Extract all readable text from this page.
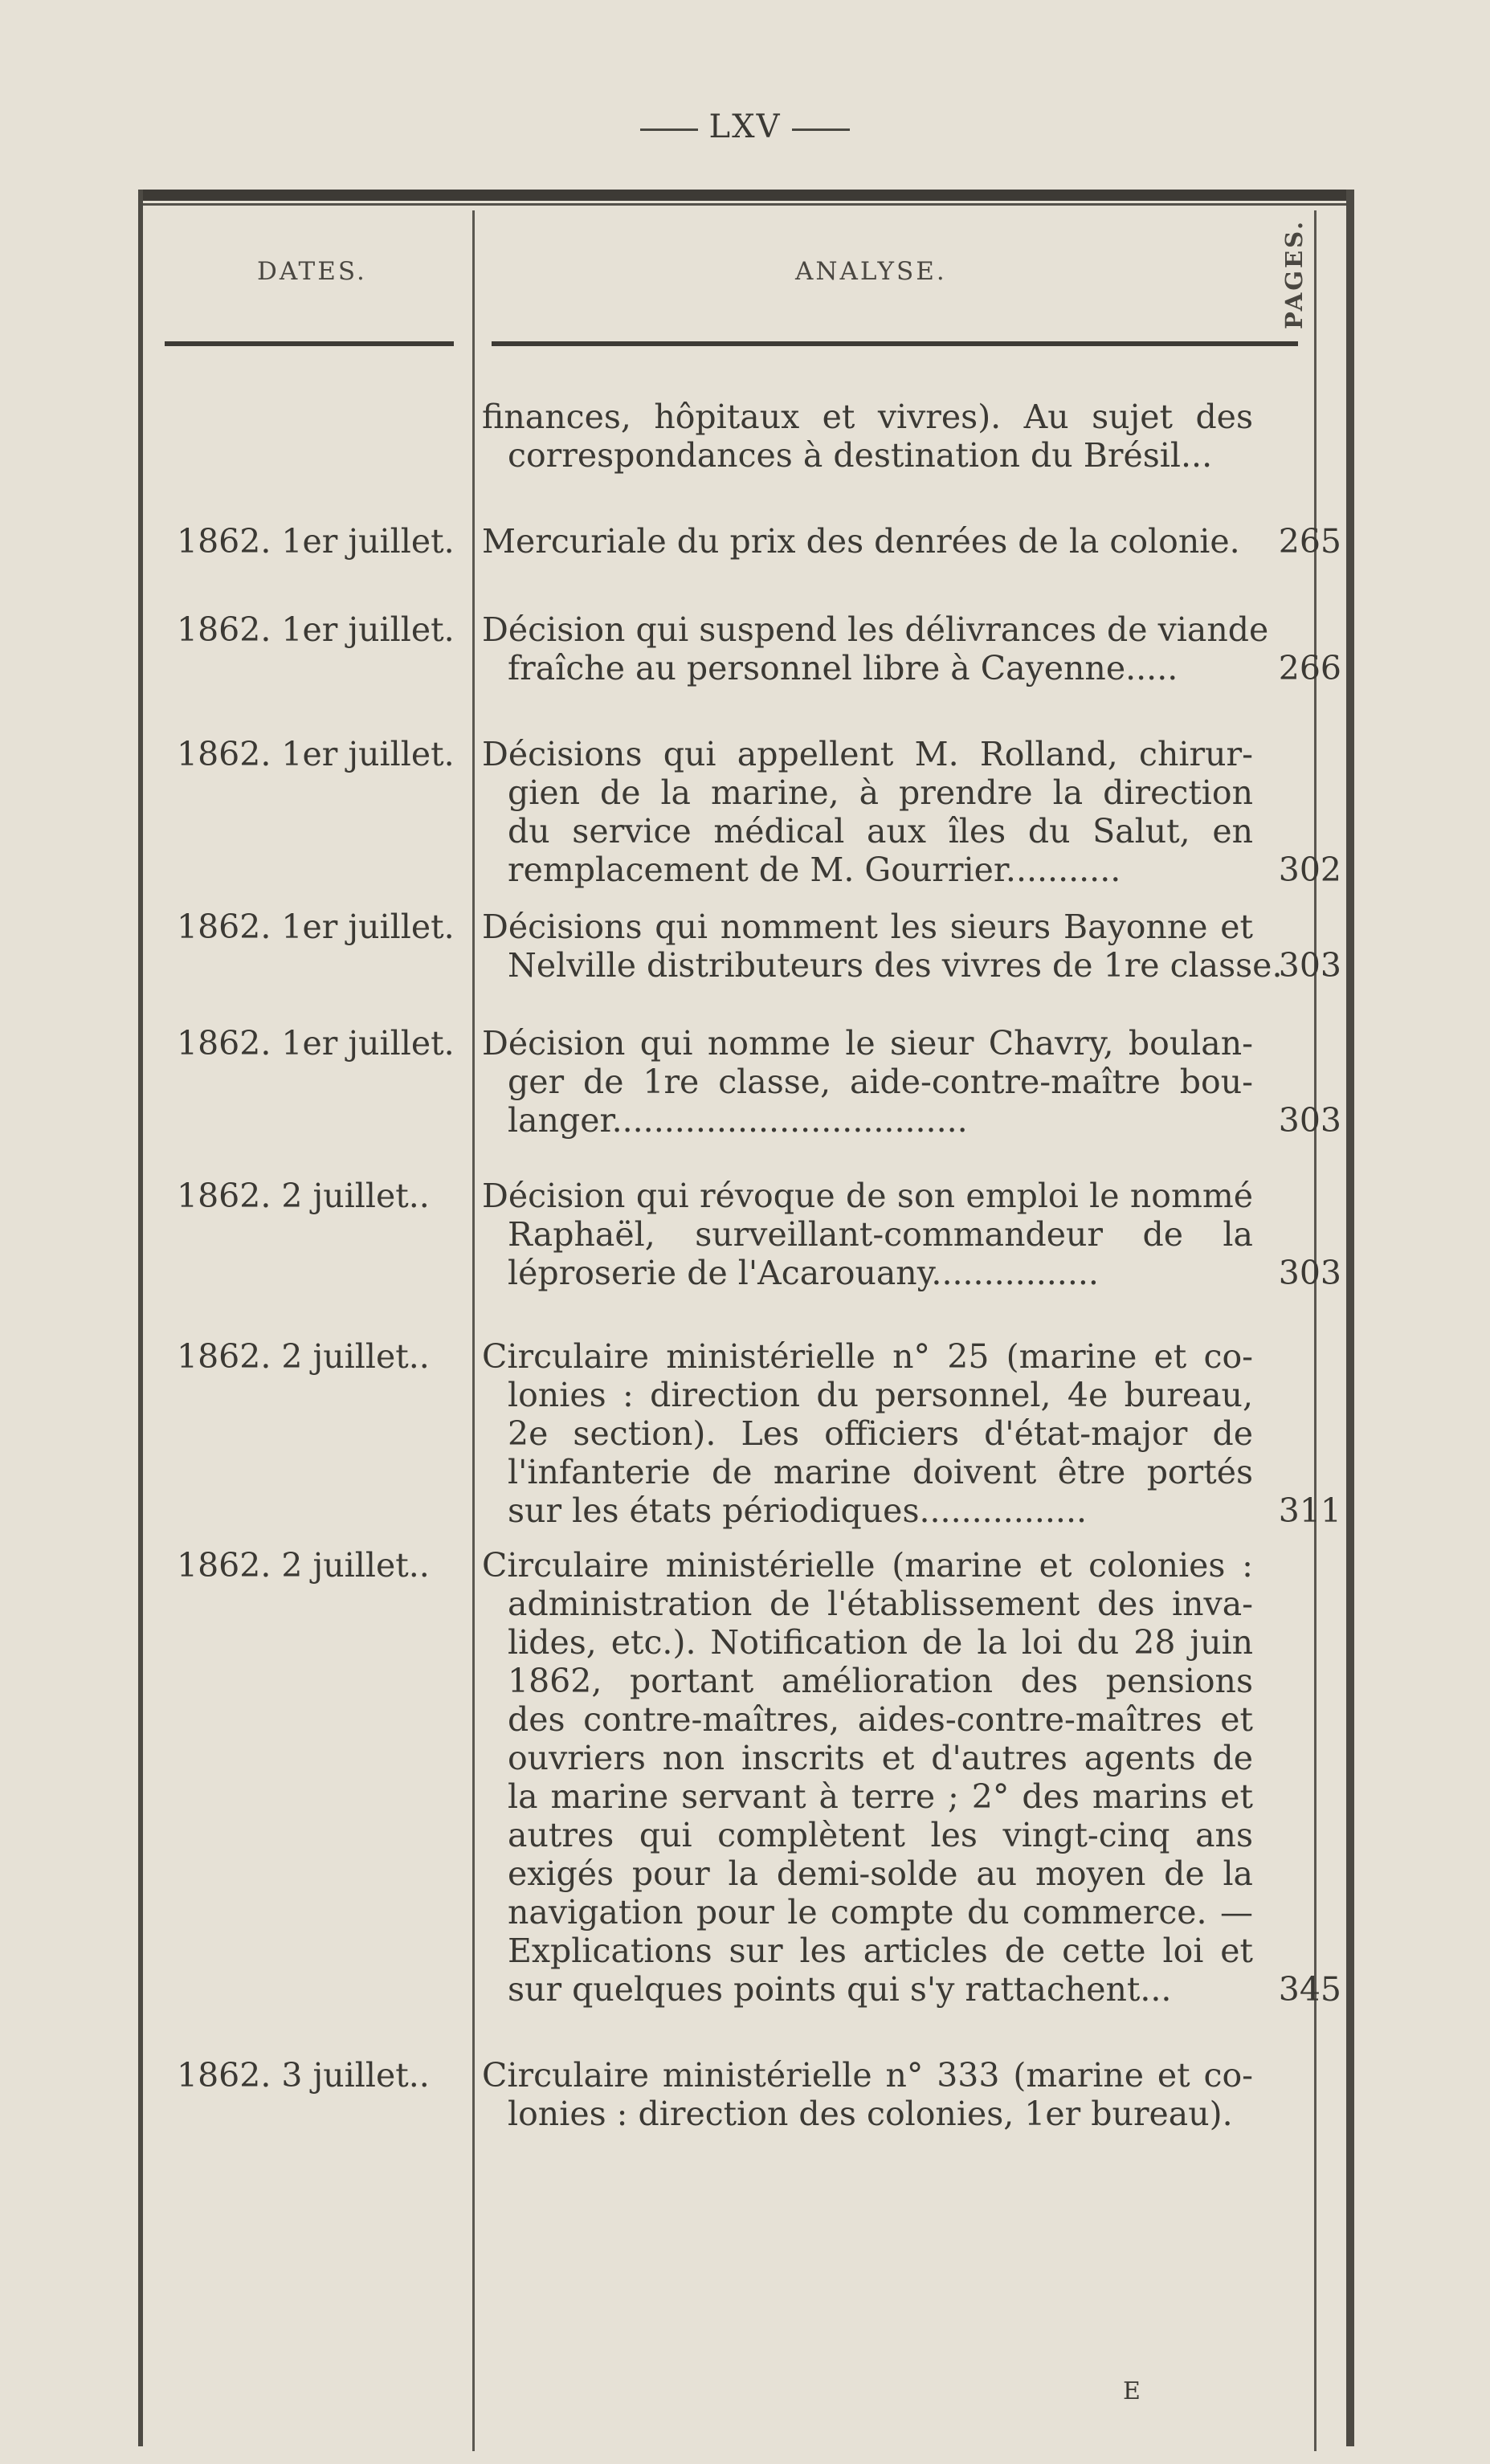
LXV
DATES.	ANALYSE.	PAGES.
finances, hôpitaux et vivres). Au sujet des
correspondances à destination du Brésil...
1862. 1er juillet. Mercuriale du prix des denrées de la colonie.	265
1862. 1er juillet. Décision qui suspend les délivrances de viande
fraîche au personnel libre à Cayenne.....	266
1862. 1er juillet. Décisions qui appellent M. Rolland, chirur-
gien de la marine, à prendre la direction
du service médical aux îles du Salut, en
remplacement de M. Gourrier...........	302
1862. 1er juillet. Décisions qui nomment les sieurs Bayonne et
Nelville distributeurs des vivres de 1re classe.
303
1862. 1er juillet. Décision qui nomme le sieur Chavry, boulan-
ger de 1re classe, aide-contre-maître bou-
langer..................................	303
1862. 2 juillet.. Décision qui révoque de son emploi le nommé
Raphaël, surveillant-commandeur de la
léproserie de l'Acarouany................	303
1862. 2 juillet.. Circulaire ministérielle n° 25 (marine et co-
lonies : direction du personnel, 4e bureau,
2e section). Les officiers d'état-major de
l'infanterie de marine doivent être portés
sur les états périodiques................	311
1862. 2 juillet.. Circulaire ministérielle (marine et colonies :
administration de l'établissement des inva-
lides, etc.). Notification de la loi du 28 juin
1862, portant amélioration des pensions
des contre-maîtres, aides-contre-maîtres et
ouvriers non inscrits et d'autres agents de
la marine servant à terre ; 2° des marins et
autres qui complètent les vingt-cinq ans
exigés pour la demi-solde au moyen de la
navigation pour le compte du commerce. —
Explications sur les articles de cette loi et
sur quelques points qui s'y rattachent...	345
1862. 3 juillet.. Circulaire ministérielle n° 333 (marine et co-
lonies : direction des colonies, 1er bureau).
E
